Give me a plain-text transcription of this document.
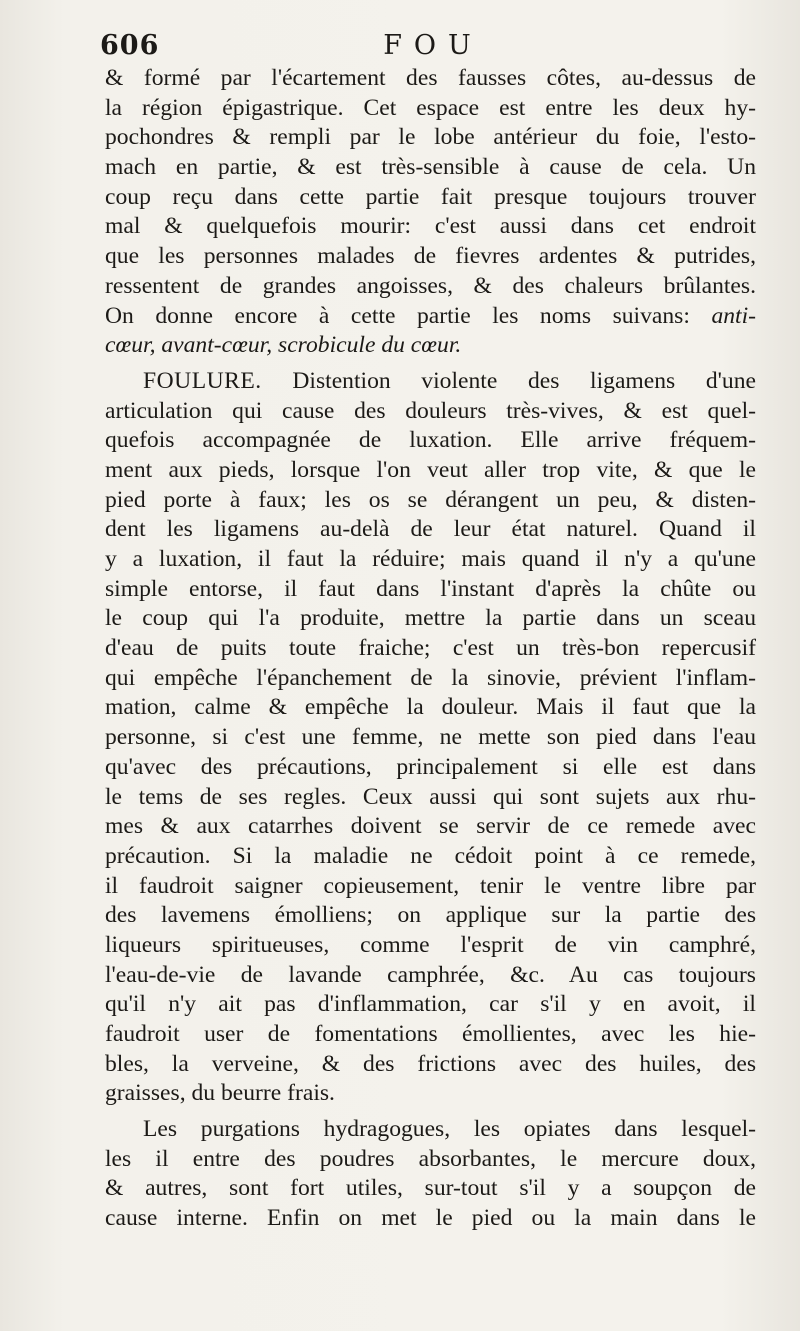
606	FOU
& formé par l'écartement des fausses côtes, au-dessus de
la région épigastrique. Cet espace est entre les deux hy-
pochondres & rempli par le lobe antérieur du foie, l'esto-
mach en partie, & est très-sensible à cause de cela. Un
coup reçu dans cette partie fait presque toujours trouver
mal & quelquefois mourir: c'est aussi dans cet endroit
que les personnes malades de fievres ardentes & putrides,
ressentent de grandes angoisses, & des chaleurs brûlantes.
On donne encore à cette partie les noms suivans: anti-
cœur, avant-cœur, scrobicule du cœur.
FOULURE. Distention violente des ligamens d'une
articulation qui cause des douleurs très-vives, & est quel-
quefois accompagnée de luxation. Elle arrive fréquem-
ment aux pieds, lorsque l'on veut aller trop vite, & que le
pied porte à faux; les os se dérangent un peu, & disten-
dent les ligamens au-delà de leur état naturel. Quand il
y a luxation, il faut la réduire; mais quand il n'y a qu'une
simple entorse, il faut dans l'instant d'après la chûte ou
le coup qui l'a produite, mettre la partie dans un sceau
d'eau de puits toute fraiche; c'est un très-bon repercusif
qui empêche l'épanchement de la sinovie, prévient l'inflam-
mation, calme & empêche la douleur. Mais il faut que la
personne, si c'est une femme, ne mette son pied dans l'eau
qu'avec des précautions, principalement si elle est dans
le tems de ses regles. Ceux aussi qui sont sujets aux rhu-
mes & aux catarrhes doivent se servir de ce remede avec
précaution. Si la maladie ne cédoit point à ce remede,
il faudroit saigner copieusement, tenir le ventre libre par
des lavemens émolliens; on applique sur la partie des
liqueurs spiritueuses, comme l'esprit de vin camphré,
l'eau-de-vie de lavande camphrée, &c. Au cas toujours
qu'il n'y ait pas d'inflammation, car s'il y en avoit, il
faudroit user de fomentations émollientes, avec les hie-
bles, la verveine, & des frictions avec des huiles, des
graisses, du beurre frais.
Les purgations hydragogues, les opiates dans lesquel-
les il entre des poudres absorbantes, le mercure doux,
& autres, sont fort utiles, sur-tout s'il y a soupçon de
cause interne. Enfin on met le pied ou la main dans le
